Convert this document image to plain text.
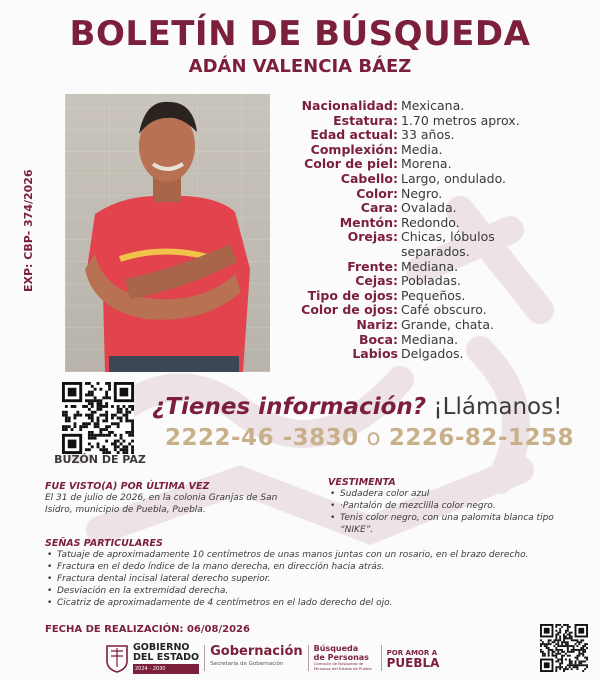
BOLETÍN DE BÚSQUEDA
ADÁN VALENCIA BÁEZ
EXP: CBP- 374/2026
Nacionalidad: Mexicana.
Estatura: 1.70 metros aprox.
Edad actual: 33 años.
Complexión: Media.
Color de piel: Morena.
Cabello: Largo, ondulado.
Color: Negro.
Cara: Ovalada.
Mentón: Redondo.
Orejas: Chicas, lóbulos
separados.
Frente: Mediana.
Cejas: Pobladas.
Tipo de ojos: Pequeños.
Color de ojos: Café obscuro.
Nariz: Grande, chata.
Boca: Mediana.
Labios Delgados.
BUZÓN DE PAZ
¿Tienes información? ¡Llámanos!
2222-46 -3830 o 2226-82-1258
FUE VISTO(A) POR ÚLTIMA VEZ
El 31 de julio de 2026, en la colonia Granjas de San Isidro, municipio de Puebla, Puebla.
VESTIMENTA
• Sudadera color azul
• ·Pantalón de mezclilla color negro.
• Tenis color negro, con una palomita blanca tipo “NIKE”.
SEÑAS PARTICULARES
• Tatuaje de aproximadamente 10 centímetros de unas manos juntas con un rosario, en el brazo derecho.
• Fractura en el dedo índice de la mano derecha, en dirección hacia atrás.
• Fractura dental incisal lateral derecho superior.
• Desviación en la extremidad derecha.
• Cicatriz de aproximadamente de 4 centímetros en el lado derecho del ojo.
FECHA DE REALIZACIÓN: 06/08/2026
GOBIERNO
DEL ESTADO
2024 - 2030
Gobernación
Secretaría de Gobernación
Búsqueda
de Personas
Comisión de Búsqueda de Personas del Estado de Puebla
POR AMOR A
PUEBLA
